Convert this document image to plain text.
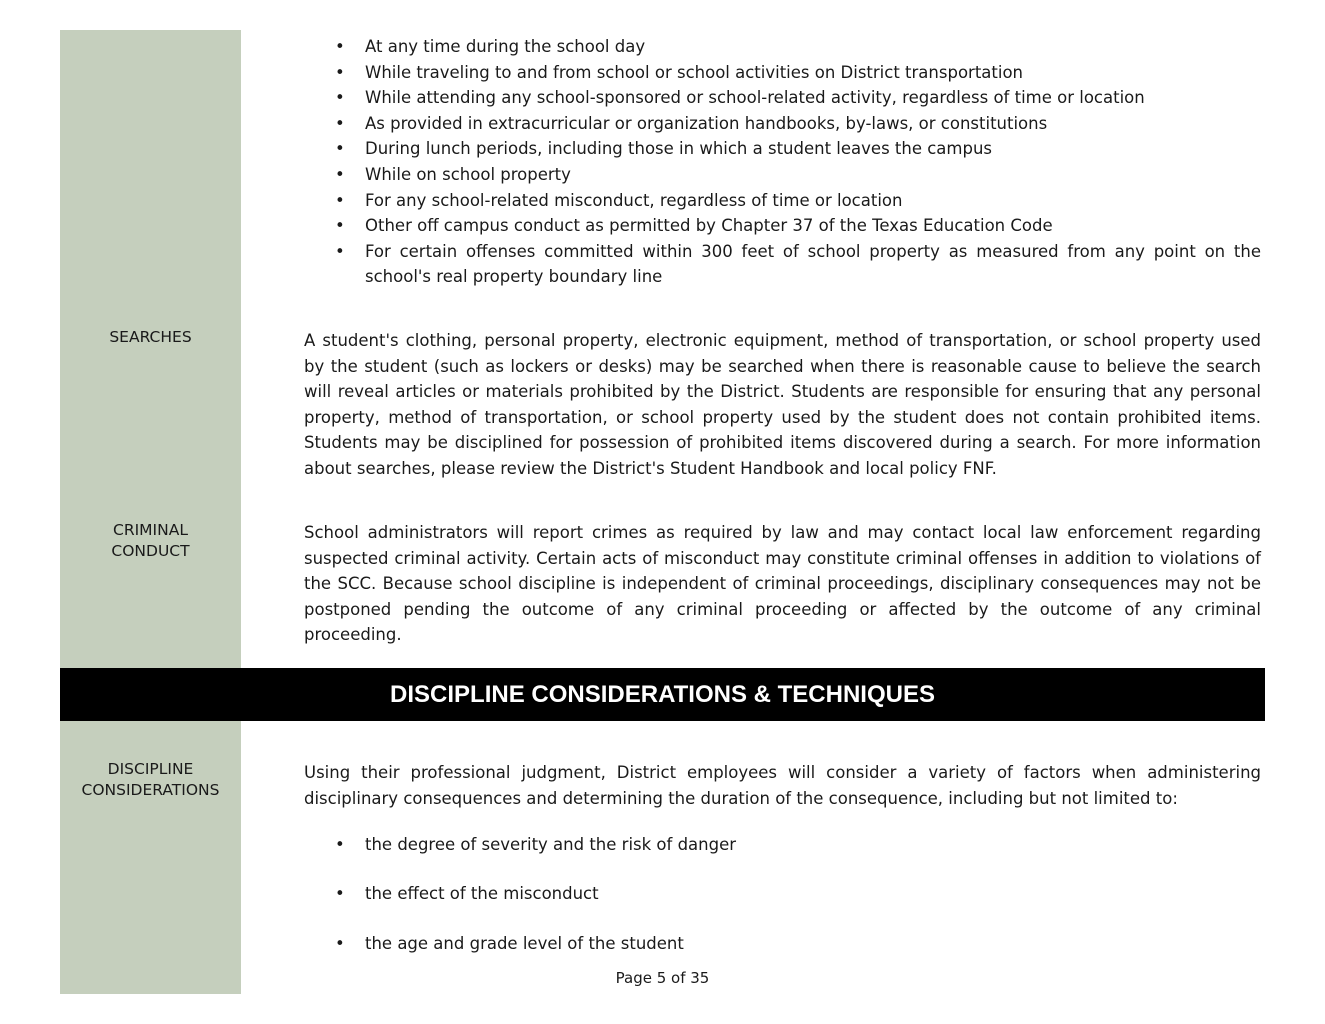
• At any time during the school day
• While traveling to and from school or school activities on District transportation
• While attending any school-sponsored or school-related activity, regardless of time or location
• As provided in extracurricular or organization handbooks, by-laws, or constitutions
• During lunch periods, including those in which a student leaves the campus
• While on school property
• For any school-related misconduct, regardless of time or location
• Other off campus conduct as permitted by Chapter 37 of the Texas Education Code
• For certain offenses committed within 300 feet of school property as measured from any point on the school's real property boundary line
SEARCHES	A student's clothing, personal property, electronic equipment, method of transportation, or school property used by the student (such as lockers or desks) may be searched when there is reasonable cause to believe the search will reveal articles or materials prohibited by the District. Students are responsible for ensuring that any personal property, method of transportation, or school property used by the student does not contain prohibited items. Students may be disciplined for possession of prohibited items discovered during a search. For more information about searches, please review the District's Student Handbook and local policy FNF.

CRIMINAL
CONDUCT

School administrators will report crimes as required by law and may contact local law enforcement regarding suspected criminal activity. Certain acts of misconduct may constitute criminal offenses in addition to violations of the SCC. Because school discipline is independent of criminal proceedings, disciplinary consequences may not be postponed pending the outcome of any criminal proceeding or affected by the outcome of any criminal proceeding.

DISCIPLINE CONSIDERATIONS & TECHNIQUES
DISCIPLINE
CONSIDERATIONS

Using their professional judgment, District employees will consider a variety of factors when administering disciplinary consequences and determining the duration of the consequence, including but not limited to:

• the degree of severity and the risk of danger
• the effect of the misconduct
• the age and grade level of the student
Page 5 of 35
